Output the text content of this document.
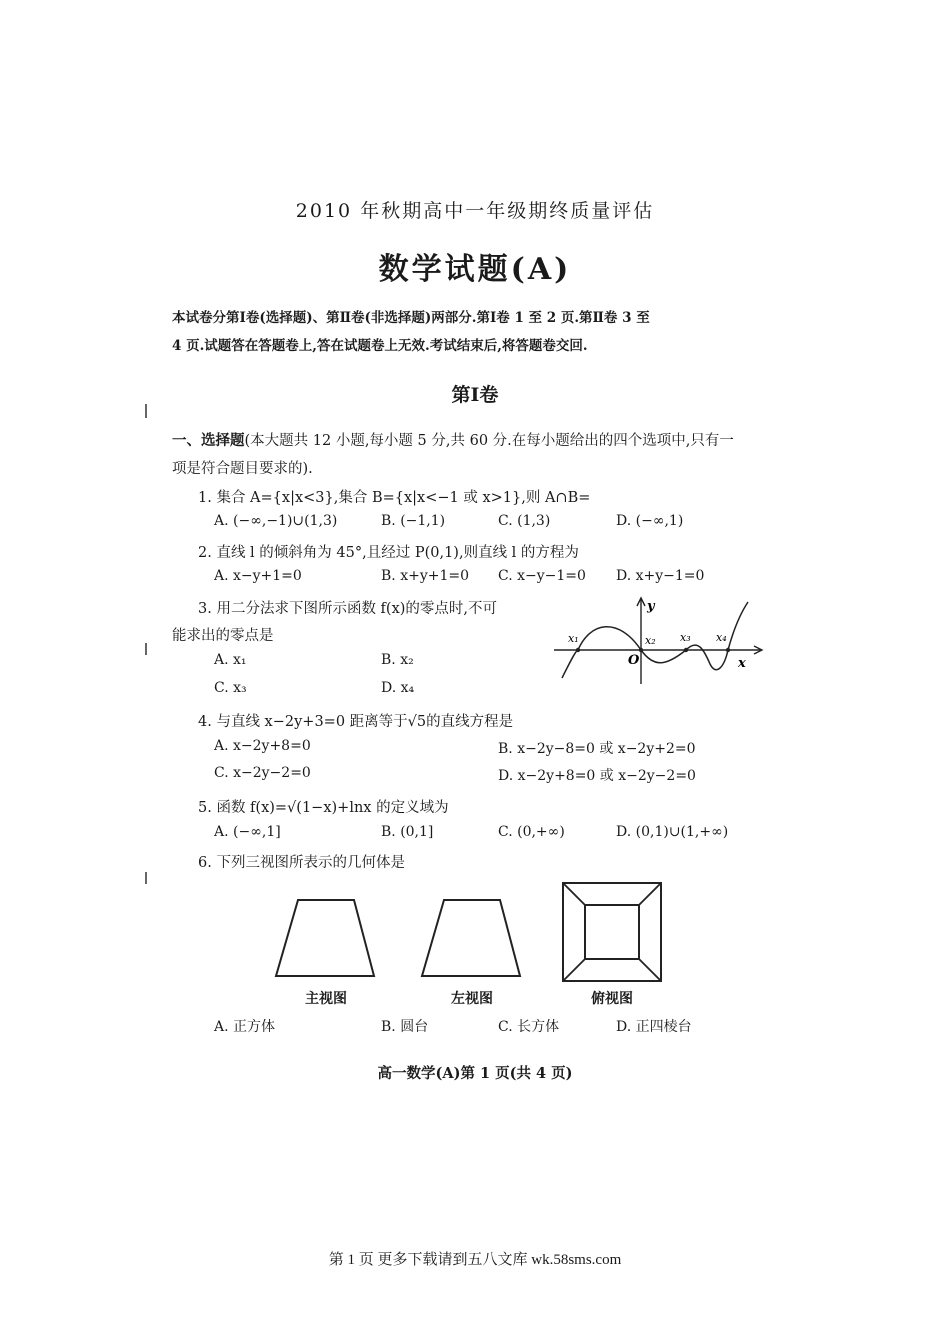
2010 年秋期高中一年级期终质量评估
数学试题(A)
本试卷分第Ⅰ卷(选择题)、第Ⅱ卷(非选择题)两部分.第Ⅰ卷 1 至 2 页.第Ⅱ卷 3 至
4 页.试题答在答题卷上,答在试题卷上无效.考试结束后,将答题卷交回.
第Ⅰ卷
一、选择题(本大题共 12 小题,每小题 5 分,共 60 分.在每小题给出的四个选项中,只有一
项是符合题目要求的).
1. 集合 A={x|x<3},集合 B={x|x<−1 或 x>1},则 A∩B=
A. (−∞,−1)∪(1,3)	B. (−1,1)	C. (1,3)	D. (−∞,1)
2. 直线 l 的倾斜角为 45°,且经过 P(0,1),则直线 l 的方程为
A. x−y+1=0	B. x+y+1=0 C. x−y−1=0 D. x+y−1=0
3. 用二分法求下图所示函数 f(x)的零点时,不可
能求出的零点是
A. x₁	B. x₂
C. x₃	D. x₄
x₁	x₂ x₃ x₄
O	x
y
4. 与直线 x−2y+3=0 距离等于√5的直线方程是
A. x−2y+8=0	B. x−2y−8=0 或 x−2y+2=0
C. x−2y−2=0	D. x−2y+8=0 或 x−2y−2=0
5. 函数 f(x)=√(1−x)+lnx 的定义域为
A. (−∞,1]	B. (0,1]	C. (0,+∞)	D. (0,1)∪(1,+∞)
6. 下列三视图所表示的几何体是
主视图	左视图	俯视图
A. 正方体	B. 圆台	C. 长方体	D. 正四棱台
高一数学(A)第 1 页(共 4 页)
第 1 页 更多下载请到五八文库 wk.58sms.com
